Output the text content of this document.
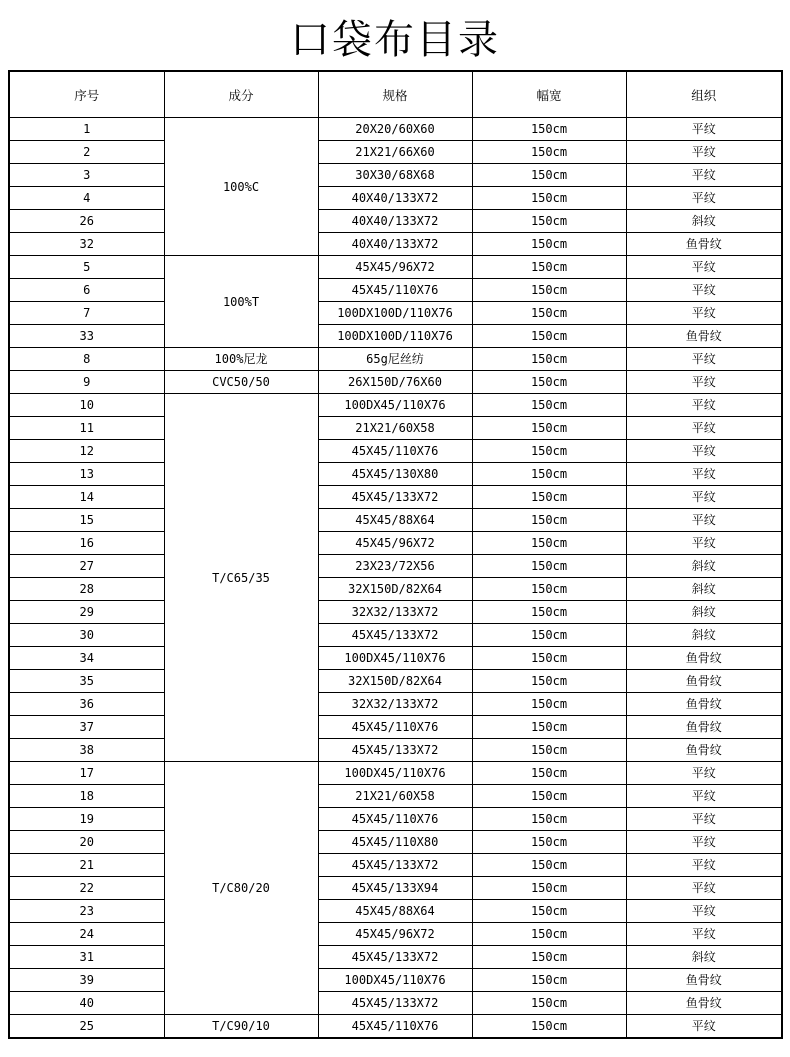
口袋布目录
序号	成分	规格	幅宽	组织
1	100%C	20X20/60X60	150cm	平纹
2		21X21/66X60	150cm	平纹
3		30X30/68X68	150cm	平纹
4		40X40/133X72	150cm	平纹
26		40X40/133X72	150cm	斜纹
32		40X40/133X72	150cm	鱼骨纹
5	100%T	45X45/96X72	150cm	平纹
6		45X45/110X76	150cm	平纹
7		100DX100D/110X76	150cm	平纹
33		100DX100D/110X76	150cm	鱼骨纹
8	100%尼龙	65g尼丝纺	150cm	平纹
9	CVC50/50	26X150D/76X60	150cm	平纹
10	T/C65/35	100DX45/110X76	150cm	平纹
11		21X21/60X58	150cm	平纹
12		45X45/110X76	150cm	平纹
13		45X45/130X80	150cm	平纹
14		45X45/133X72	150cm	平纹
15		45X45/88X64	150cm	平纹
16		45X45/96X72	150cm	平纹
27		23X23/72X56	150cm	斜纹
28		32X150D/82X64	150cm	斜纹
29		32X32/133X72	150cm	斜纹
30		45X45/133X72	150cm	斜纹
34		100DX45/110X76	150cm	鱼骨纹
35		32X150D/82X64	150cm	鱼骨纹
36		32X32/133X72	150cm	鱼骨纹
37		45X45/110X76	150cm	鱼骨纹
38		45X45/133X72	150cm	鱼骨纹
17	T/C80/20	100DX45/110X76	150cm	平纹
18		21X21/60X58	150cm	平纹
19		45X45/110X76	150cm	平纹
20		45X45/110X80	150cm	平纹
21		45X45/133X72	150cm	平纹
22		45X45/133X94	150cm	平纹
23		45X45/88X64	150cm	平纹
24		45X45/96X72	150cm	平纹
31		45X45/133X72	150cm	斜纹
39		100DX45/110X76	150cm	鱼骨纹
40		45X45/133X72	150cm	鱼骨纹
25	T/C90/10	45X45/110X76	150cm	平纹
